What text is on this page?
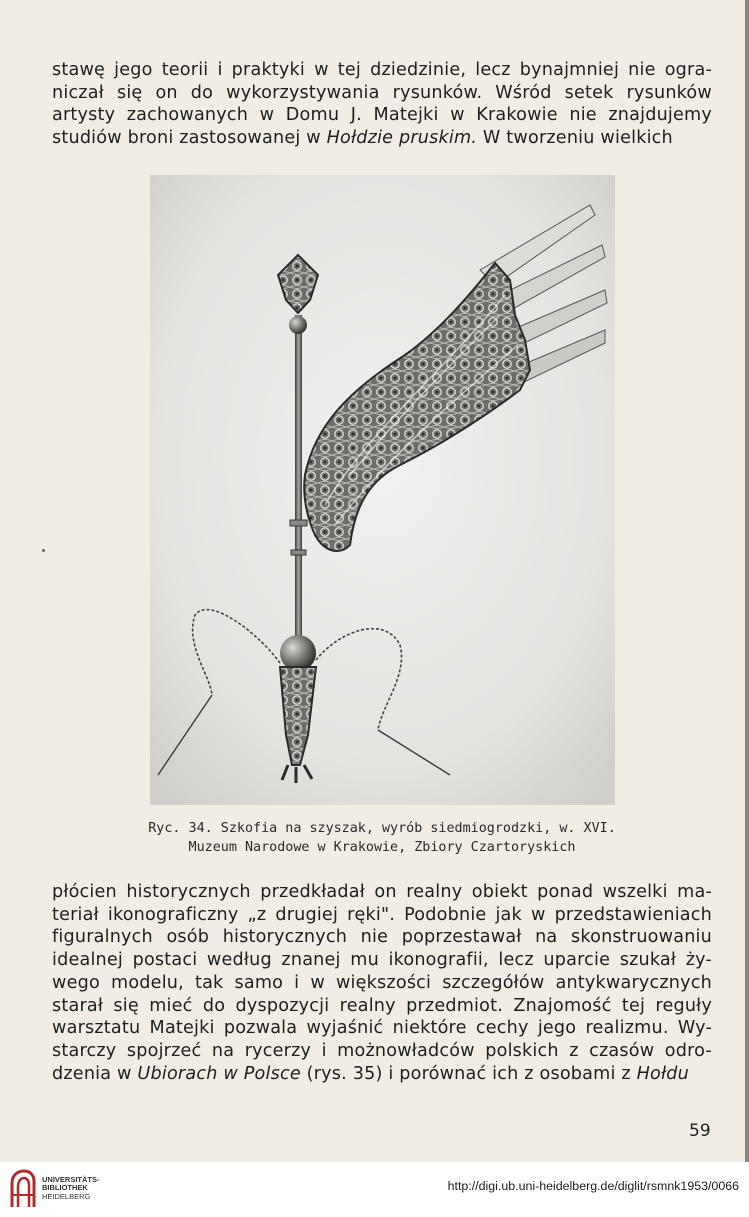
stawę jego teorii i praktyki w tej dziedzinie, lecz bynajmniej nie ogra-
niczał się on do wykorzystywania rysunków. Wśród setek rysunków
artysty zachowanych w Domu J. Matejki w Krakowie nie znajdujemy
studiów broni zastosowanej w Hołdzie pruskim. W tworzeniu wielkich

Ryc. 34. Szkofia na szyszak, wyrób siedmiogrodzki, w. XVI.

Muzeum Narodowe w Krakowie, Zbiory Czartoryskich

płócien historycznych przedkładał on realny obiekt ponad wszelki ma-
teriał ikonograficzny „z drugiej ręki". Podobnie jak w przedstawieniach
figuralnych osób historycznych nie poprzestawał na skonstruowaniu
idealnej postaci według znanej mu ikonografii, lecz uparcie szukał ży-
wego modelu, tak samo i w większości szczegółów antykwarycznych
starał się mieć do dyspozycji realny przedmiot. Znajomość tej reguły
warsztatu Matejki pozwala wyjaśnić niektóre cechy jego realizmu. Wy-
starczy spojrzeć na rycerzy i możnowładców polskich z czasów odro-
dzenia w Ubiorach w Polsce (rys. 35) i porównać ich z osobami z Hołdu

59

UNIVERSITÄTS-
BIBLIOTHEK
HEIDELBERG

http://digi.ub.uni-heidelberg.de/diglit/rsmnk1953/0066
